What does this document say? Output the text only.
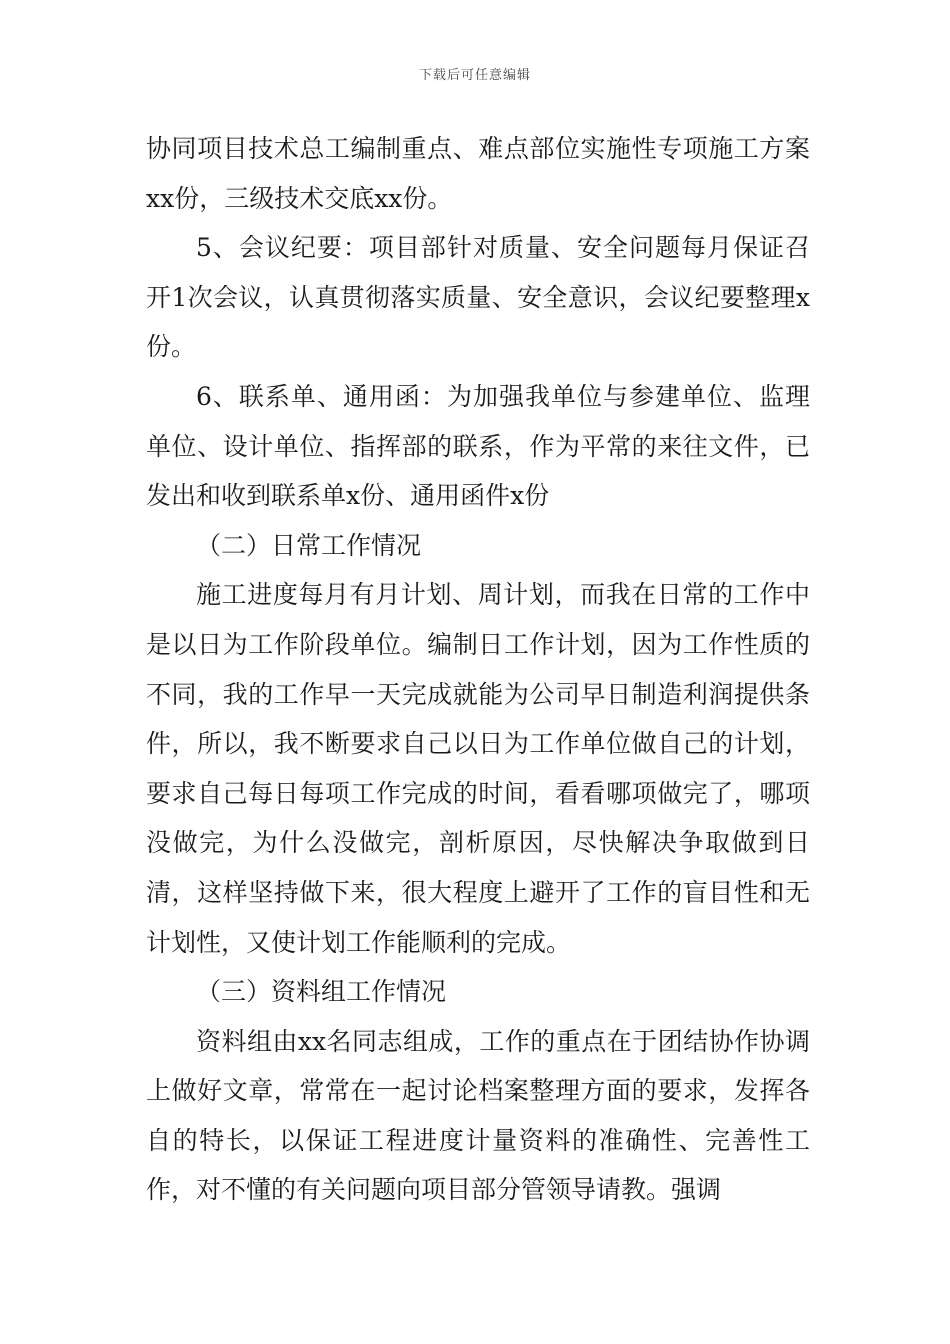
下载后可任意编辑

协同项目技术总工编制重点、难点部位实施性专项施工方案xx份，三级技术交底xx份。

5、会议纪要：项目部针对质量、安全问题每月保证召开1次会议，认真贯彻落实质量、安全意识，会议纪要整理x份。

6、联系单、通用函：为加强我单位与参建单位、监理单位、设计单位、指挥部的联系，作为平常的来往文件，已发出和收到联系单x份、通用函件x份

（二）日常工作情况

施工进度每月有月计划、周计划，而我在日常的工作中是以日为工作阶段单位。编制日工作计划，因为工作性质的不同，我的工作早一天完成就能为公司早日制造利润提供条件，所以，我不断要求自己以日为工作单位做自己的计划，要求自己每日每项工作完成的时间，看看哪项做完了，哪项没做完，为什么没做完，剖析原因，尽快解决争取做到日清，这样坚持做下来，很大程度上避开了工作的盲目性和无计划性，又使计划工作能顺利的完成。

（三）资料组工作情况

资料组由xx名同志组成，工作的重点在于团结协作协调上做好文章，常常在一起讨论档案整理方面的要求，发挥各自的特长，以保证工程进度计量资料的准确性、完善性工作，对不懂的有关问题向项目部分管领导请教。强调
